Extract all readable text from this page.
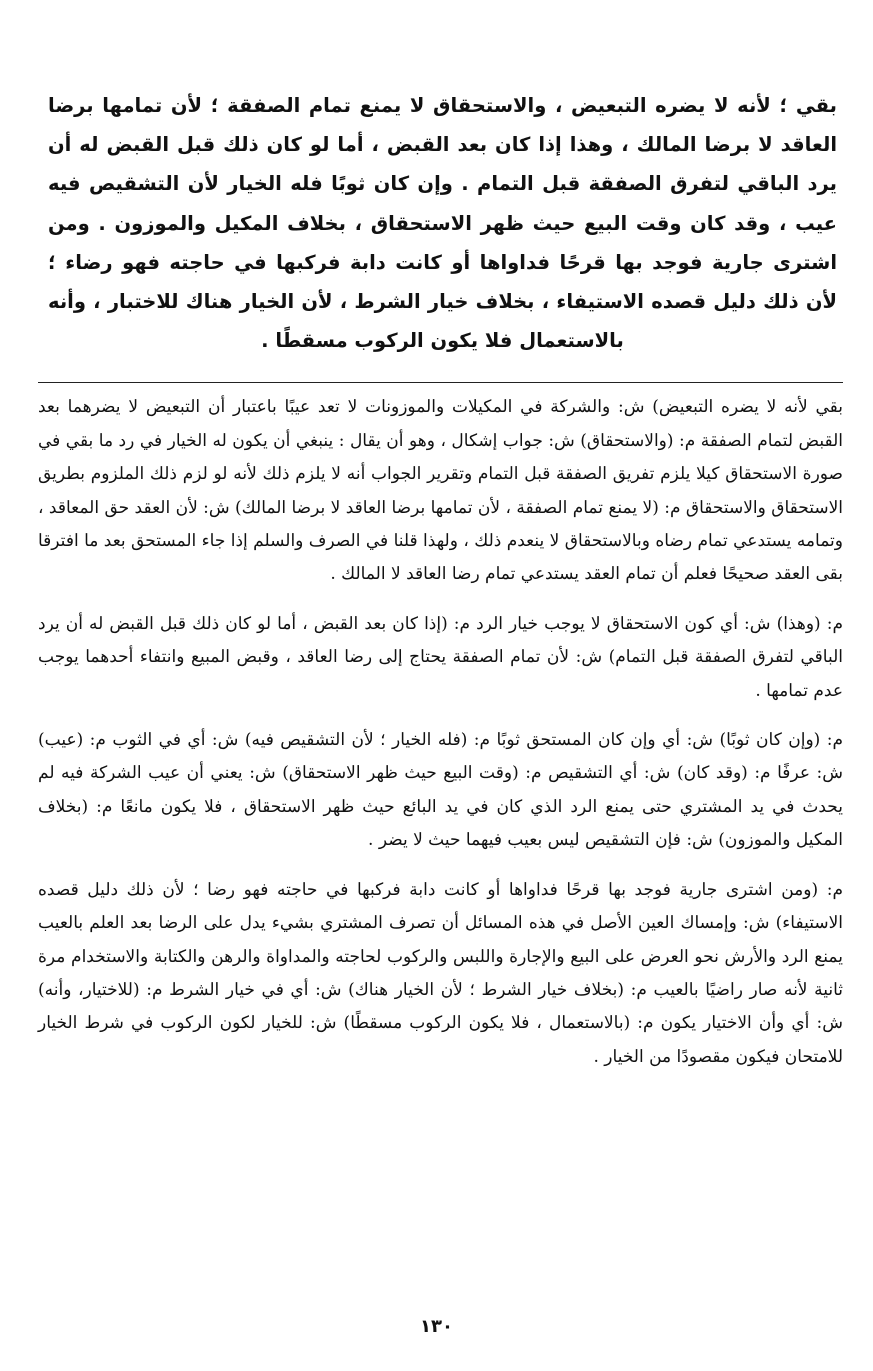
بقي ؛ لأنه لا يضره التبعيض ، والاستحقاق لا يمنع تمام الصفقة ؛ لأن تمامها برضا العاقد لا برضا المالك ، وهذا إذا كان بعد القبض ، أما لو كان ذلك قبل القبض له أن يرد الباقي لتفرق الصفقة قبل التمام . وإن كان ثوبًا فله الخيار لأن التشقيص فيه عيب ، وقد كان وقت البيع حيث ظهر الاستحقاق ، بخلاف المكيل والموزون . ومن اشترى جارية فوجد بها قرحًا فداواها أو كانت دابة فركبها في حاجته فهو رضاء ؛ لأن ذلك دليل قصده الاستيفاء ، بخلاف خيار الشرط ، لأن الخيار هناك للاختبار ، وأنه بالاستعمال فلا يكون الركوب مسقطًا .

بقي لأنه لا يضره التبعيض) ش: والشركة في المكيلات والموزونات لا تعد عيبًا باعتبار أن التبعيض لا يضرهما بعد القبض لتمام الصفقة م: (والاستحقاق) ش: جواب إشكال ، وهو أن يقال : ينبغي أن يكون له الخيار في رد ما بقي في صورة الاستحقاق كيلا يلزم تفريق الصفقة قبل التمام وتقرير الجواب أنه لا يلزم ذلك لأنه لو لزم ذلك الملزوم بطريق الاستحقاق والاستحقاق م: (لا يمنع تمام الصفقة ، لأن تمامها برضا العاقد لا برضا المالك) ش: لأن العقد حق المعاقد ، وتمامه يستدعي تمام رضاه وبالاستحقاق لا ينعدم ذلك ، ولهذا قلنا في الصرف والسلم إذا جاء المستحق بعد ما افترقا بقى العقد صحيحًا فعلم أن تمام العقد يستدعي تمام رضا العاقد لا المالك .

م: (وهذا) ش: أي كون الاستحقاق لا يوجب خيار الرد م: (إذا كان بعد القبض ، أما لو كان ذلك قبل القبض له أن يرد الباقي لتفرق الصفقة قبل التمام) ش: لأن تمام الصفقة يحتاج إلى رضا العاقد ، وقبض المبيع وانتفاء أحدهما يوجب عدم تمامها .

م: (وإن كان ثوبًا) ش: أي وإن كان المستحق ثوبًا م: (فله الخيار ؛ لأن التشقيص فيه) ش: أي في الثوب م: (عيب) ش: عرفًا م: (وقد كان) ش: أي التشقيص م: (وقت البيع حيث ظهر الاستحقاق) ش: يعني أن عيب الشركة فيه لم يحدث في يد المشتري حتى يمنع الرد الذي كان في يد البائع حيث ظهر الاستحقاق ، فلا يكون مانعًا م: (بخلاف المكيل والموزون) ش: فإن التشقيص ليس بعيب فيهما حيث لا يضر .

م: (ومن اشترى جارية فوجد بها قرحًا فداواها أو كانت دابة فركبها في حاجته فهو رضا ؛ لأن ذلك دليل قصده الاستيفاء) ش: وإمساك العين الأصل في هذه المسائل أن تصرف المشتري بشيء يدل على الرضا بعد العلم بالعيب يمنع الرد والأرش نحو العرض على البيع والإجارة واللبس والركوب لحاجته والمداواة والرهن والكتابة والاستخدام مرة ثانية لأنه صار راضيًا بالعيب م: (بخلاف خيار الشرط ؛ لأن الخيار هناك) ش: أي في خيار الشرط م: (للاختيار، وأنه) ش: أي وأن الاختيار يكون م: (بالاستعمال ، فلا يكون الركوب مسقطًا) ش: للخيار لكون الركوب في شرط الخيار للامتحان فيكون مقصودًا من الخيار .

١٣٠
